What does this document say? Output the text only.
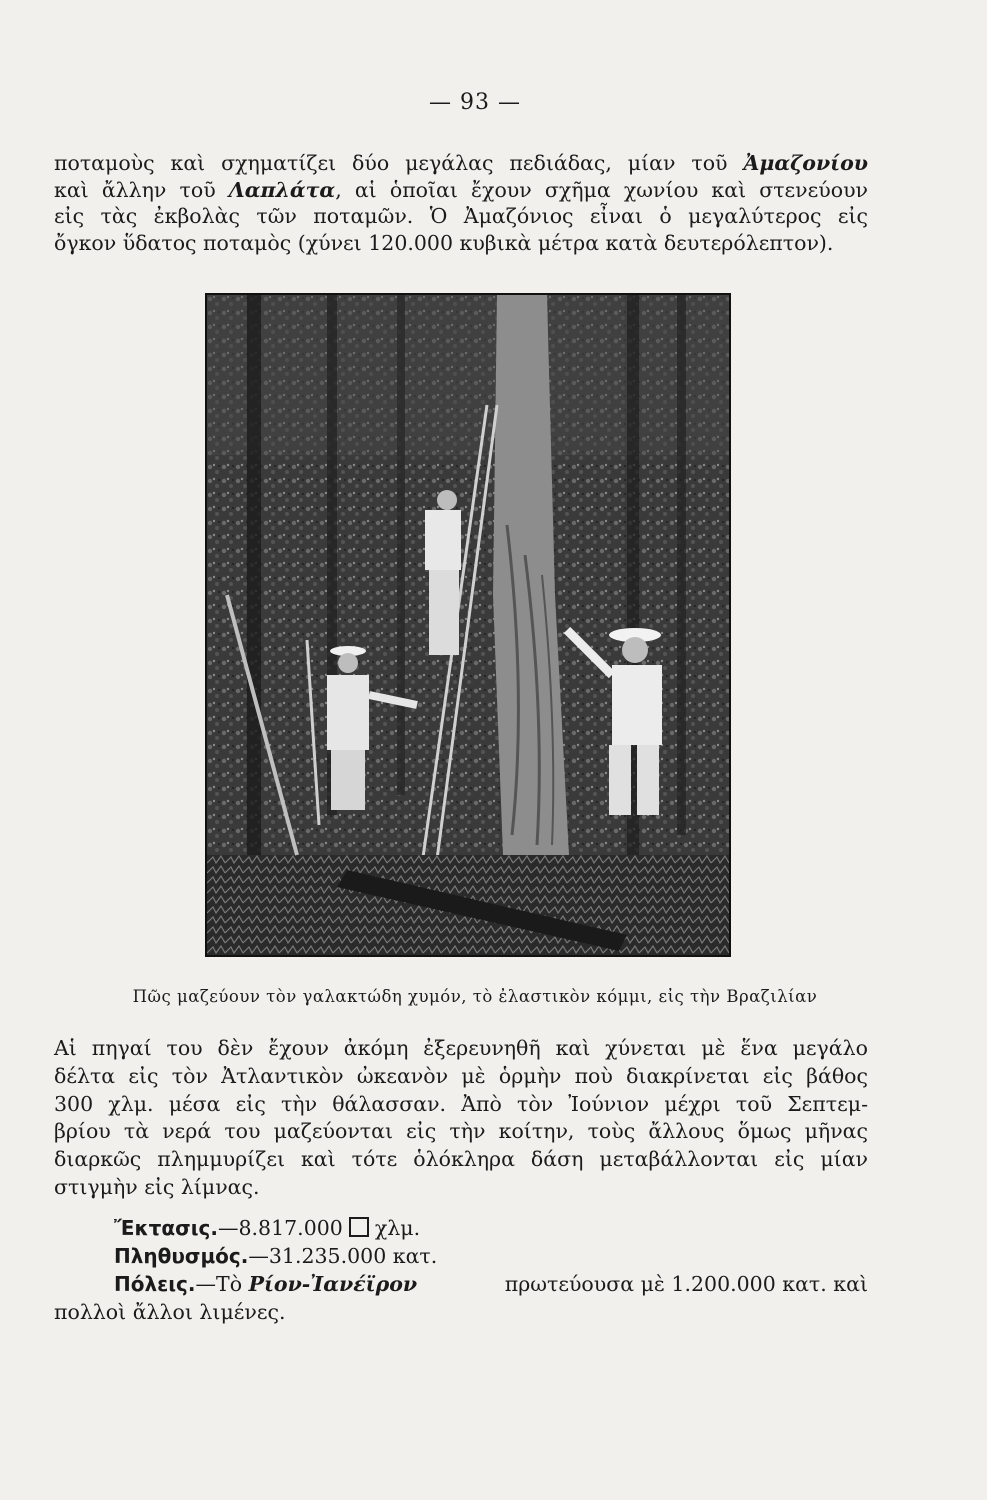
— 93 —
ποταμοὺς καὶ σχηματίζει δύο μεγάλας πεδιάδας, μίαν τοῦ Ἀμαζονίου
καὶ ἄλλην τοῦ Λαπλάτα, αἱ ὁποῖαι ἔχουν σχῆμα χωνίου καὶ στενεύουν
εἰς τὰς ἐκβολὰς τῶν ποταμῶν. Ὁ Ἀμαζόνιος εἶναι ὁ μεγαλύτερος εἰς
ὄγκον ὕδατος ποταμὸς (χύνει 120.000 κυβικὰ μέτρα κατὰ δευτερόλεπτον).
Πῶς μαζεύουν τὸν γαλακτώδη χυμόν, τὸ ἐλαστικὸν κόμμι, εἰς τὴν Βραζιλίαν
Αἱ πηγαί του δὲν ἔχουν ἀκόμη ἐξερευνηθῆ καὶ χύνεται μὲ ἕνα μεγάλο
δέλτα εἰς τὸν Ἀτλαντικὸν ὠκεανὸν μὲ ὁρμὴν ποὺ διακρίνεται εἰς βάθος
300 χλμ. μέσα εἰς τὴν θάλασσαν. Ἀπὸ τὸν Ἰούνιον μέχρι τοῦ Σεπτεμ-
βρίου τὰ νερά του μαζεύονται εἰς τὴν κοίτην, τοὺς ἄλλους ὅμως μῆνας
διαρκῶς πλημμυρίζει καὶ τότε ὁλόκληρα δάση μεταβάλλονται εἰς μίαν
στιγμὴν εἰς λίμνας.
Ἔκτασις.—8.817.000 χλμ.
Πληθυσμός.—31.235.000 κατ.
Πόλεις.—Τὸ Ρίον-Ἰανέϊρον	πρωτεύουσα μὲ 1.200.000 κατ. καὶ
πολλοὶ ἄλλοι λιμένες.
